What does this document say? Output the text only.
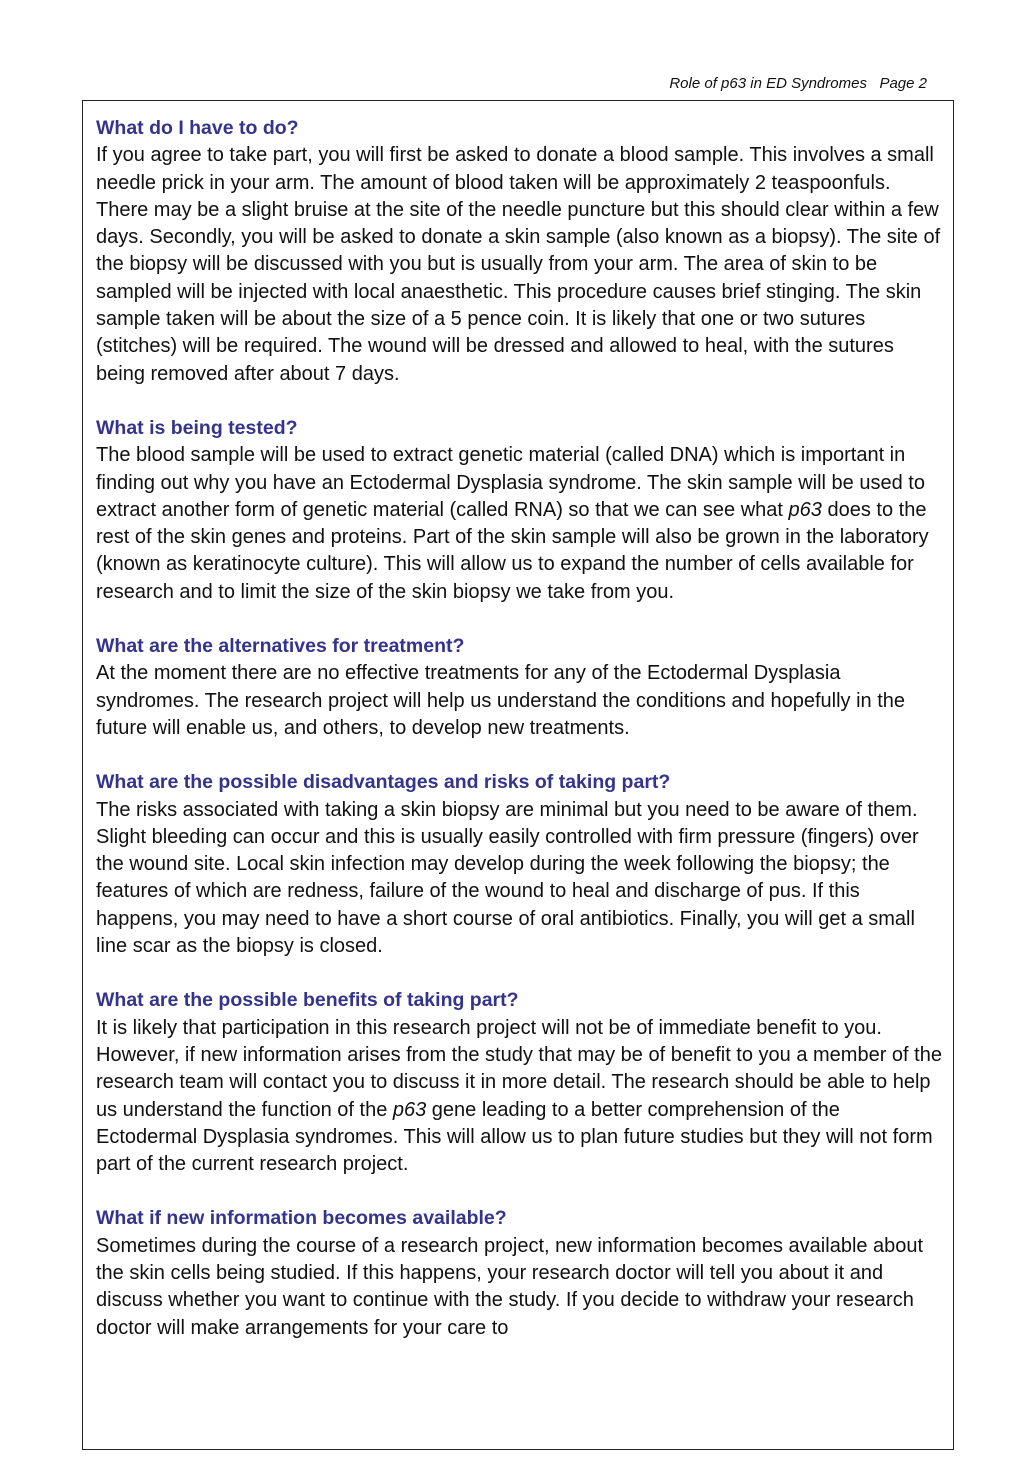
Role of p63 in ED Syndromes   Page 2
What do I have to do?
If you agree to take part, you will first be asked to donate a blood sample. This involves a small needle prick in your arm. The amount of blood taken will be approximately 2 teaspoonfuls. There may be a slight bruise at the site of the needle puncture but this should clear within a few days. Secondly, you will be asked to donate a skin sample (also known as a biopsy). The site of the biopsy will be discussed with you but is usually from your arm. The area of skin to be sampled will be injected with local anaesthetic. This procedure causes brief stinging. The skin sample taken will be about the size of a 5 pence coin. It is likely that one or two sutures (stitches) will be required. The wound will be dressed and allowed to heal, with the sutures being removed after about 7 days.
What is being tested?
The blood sample will be used to extract genetic material (called DNA) which is important in finding out why you have an Ectodermal Dysplasia syndrome. The skin sample will be used to extract another form of genetic material (called RNA) so that we can see what p63 does to the rest of the skin genes and proteins. Part of the skin sample will also be grown in the laboratory (known as keratinocyte culture). This will allow us to expand the number of cells available for research and to limit the size of the skin biopsy we take from you.
What are the alternatives for treatment?
At the moment there are no effective treatments for any of the Ectodermal Dysplasia syndromes. The research project will help us understand the conditions and hopefully in the future will enable us, and others, to develop new treatments.
What are the possible disadvantages and risks of taking part?
The risks associated with taking a skin biopsy are minimal but you need to be aware of them. Slight bleeding can occur and this is usually easily controlled with firm pressure (fingers) over the wound site. Local skin infection may develop during the week following the biopsy; the features of which are redness, failure of the wound to heal and discharge of pus. If this happens, you may need to have a short course of oral antibiotics. Finally, you will get a small line scar as the biopsy is closed.
What are the possible benefits of taking part?
It is likely that participation in this research project will not be of immediate benefit to you. However, if new information arises from the study that may be of benefit to you a member of the research team will contact you to discuss it in more detail. The research should be able to help us understand the function of the p63 gene leading to a better comprehension of the Ectodermal Dysplasia syndromes. This will allow us to plan future studies but they will not form part of the current research project.
What if new information becomes available?
Sometimes during the course of a research project, new information becomes available about the skin cells being studied. If this happens, your research doctor will tell you about it and discuss whether you want to continue with the study. If you decide to withdraw your research doctor will make arrangements for your care to
